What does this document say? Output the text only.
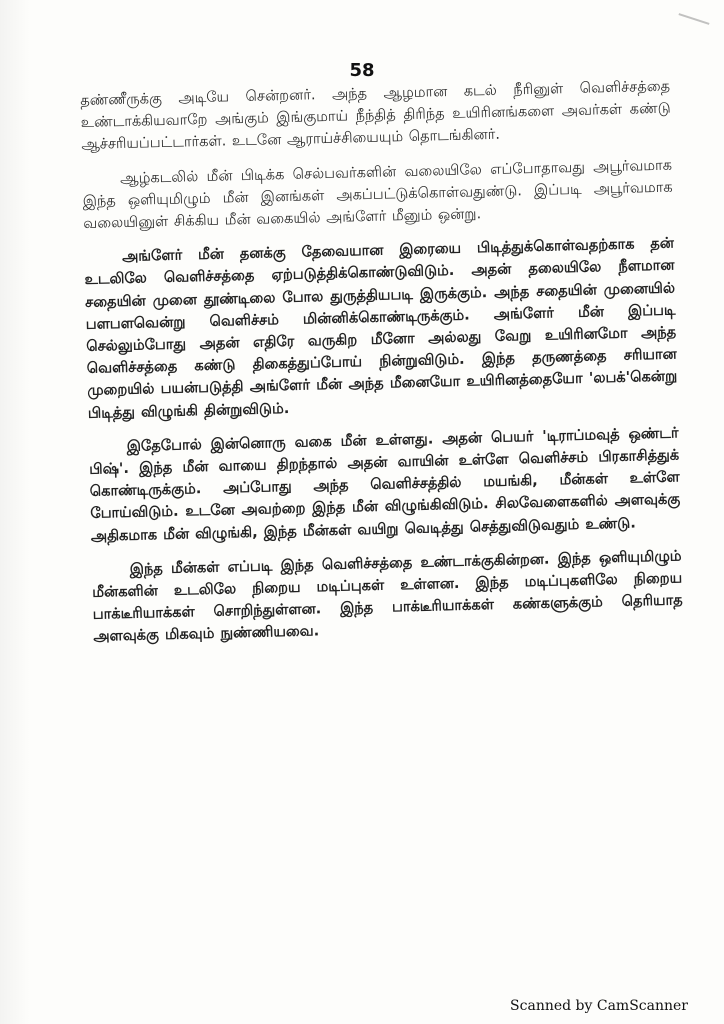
58

தண்ணீருக்கு அடியே சென்றனர். அந்த ஆழமான கடல் நீரினுள் வெளிச்சத்தை உண்டாக்கியவாறே அங்கும் இங்குமாய் நீந்தித் திரிந்த உயிரினங்களை அவர்கள் கண்டு ஆச்சரியப்பட்டார்கள். உடனே ஆராய்ச்சியையும் தொடங்கினர்.

ஆழ்கடலில் மீன் பிடிக்க செல்பவர்களின் வலையிலே எப்போதாவது அபூர்வமாக இந்த ஒளியுமிழும் மீன் இனங்கள் அகப்பட்டுக்கொள்வதுண்டு. இப்படி அபூர்வமாக வலையினுள் சிக்கிய மீன் வகையில் அங்ளேர் மீனும் ஒன்று.

அங்ளேர் மீன் தனக்கு தேவையான இரையை பிடித்துக்கொள்வதற்காக தன் உடலிலே வெளிச்சத்தை ஏற்படுத்திக்கொண்டுவிடும். அதன் தலையிலே நீளமான சதையின் முனை தூண்டிலை போல துருத்தியபடி இருக்கும். அந்த சதையின் முனையில் பளபளவென்று வெளிச்சம் மின்னிக்கொண்டிருக்கும். அங்ளேர் மீன் இப்படி செல்லும்போது அதன் எதிரே வருகிற மீனோ அல்லது வேறு உயிரினமோ அந்த வெளிச்சத்தை கண்டு திகைத்துப்போய் நின்றுவிடும். இந்த தருணத்தை சரியான முறையில் பயன்படுத்தி அங்ளேர் மீன் அந்த மீனையோ உயிரினத்தையோ 'லபக்'கென்று பிடித்து விழுங்கி தின்றுவிடும்.

இதேபோல் இன்னொரு வகை மீன் உள்ளது. அதன் பெயர் 'டிராப்மவுத் ஒண்டர் பிஷ்'. இந்த மீன் வாயை திறந்தால் அதன் வாயின் உள்ளே வெளிச்சம் பிரகாசித்துக் கொண்டிருக்கும். அப்போது அந்த வெளிச்சத்தில் மயங்கி, மீன்கள் உள்ளே போய்விடும். உடனே அவற்றை இந்த மீன் விழுங்கிவிடும். சிலவேளைகளில் அளவுக்கு அதிகமாக மீன் விழுங்கி, இந்த மீன்கள் வயிறு வெடித்து செத்துவிடுவதும் உண்டு.

இந்த மீன்கள் எப்படி இந்த வெளிச்சத்தை உண்டாக்குகின்றன. இந்த ஒளியுமிழும் மீன்களின் உடலிலே நிறைய மடிப்புகள் உள்ளன. இந்த மடிப்புகளிலே நிறைய பாக்டீரியாக்கள் சொறிந்துள்ளன. இந்த பாக்டீரியாக்கள் கண்களுக்கும் தெரியாத அளவுக்கு மிகவும் நுண்ணியவை.

Scanned by CamScanner
